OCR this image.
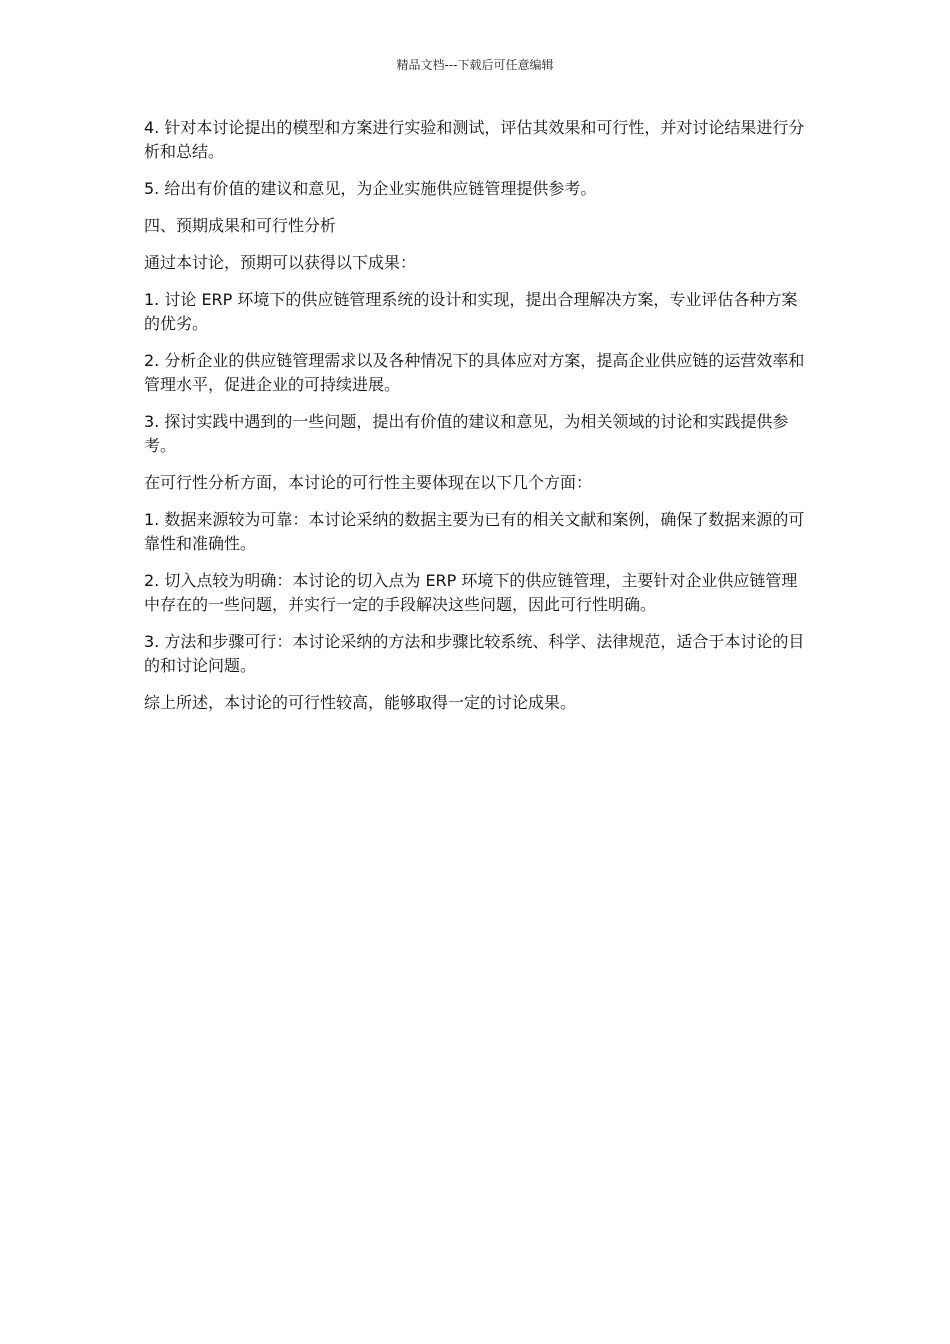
精品文档---下载后可任意编辑

4. 针对本讨论提出的模型和方案进行实验和测试，评估其效果和可行性，并对讨论结果进行分析和总结。

5. 给出有价值的建议和意见，为企业实施供应链管理提供参考。

四、预期成果和可行性分析

通过本讨论，预期可以获得以下成果：

1. 讨论 ERP 环境下的供应链管理系统的设计和实现，提出合理解决方案，专业评估各种方案的优劣。

2. 分析企业的供应链管理需求以及各种情况下的具体应对方案，提高企业供应链的运营效率和管理水平，促进企业的可持续进展。

3. 探讨实践中遇到的一些问题，提出有价值的建议和意见，为相关领域的讨论和实践提供参考。

在可行性分析方面，本讨论的可行性主要体现在以下几个方面：

1. 数据来源较为可靠：本讨论采纳的数据主要为已有的相关文献和案例，确保了数据来源的可靠性和准确性。

2. 切入点较为明确：本讨论的切入点为 ERP 环境下的供应链管理，主要针对企业供应链管理中存在的一些问题，并实行一定的手段解决这些问题，因此可行性明确。

3. 方法和步骤可行：本讨论采纳的方法和步骤比较系统、科学、法律规范，适合于本讨论的目的和讨论问题。

综上所述，本讨论的可行性较高，能够取得一定的讨论成果。
